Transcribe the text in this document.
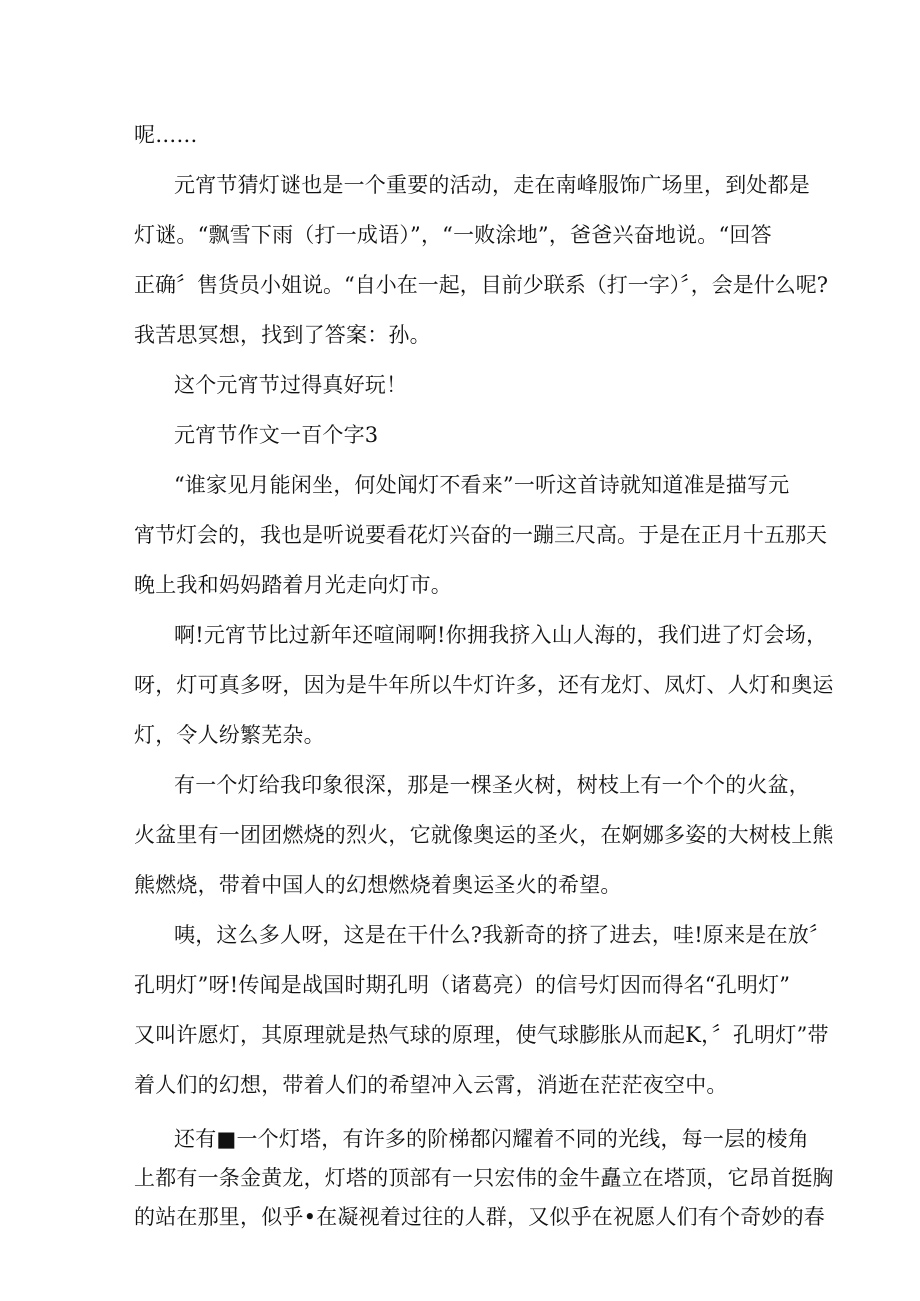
呢……
元宵节猜灯谜也是一个重要的活动，走在南峰服饰广场里，到处都是
灯谜。“飘雪下雨（打一成语）”，“一败涂地”，爸爸兴奋地说。“回答
正确〞售货员小姐说。“自小在一起，目前少联系（打一字）〞，会是什么呢?
我苦思冥想，找到了答案：孙。
这个元宵节过得真好玩！
元宵节作文一百个字3
“谁家见月能闲坐，何处闻灯不看来”一听这首诗就知道准是描写元
宵节灯会的，我也是听说要看花灯兴奋的一蹦三尺高。于是在正月十五那天
晚上我和妈妈踏着月光走向灯市。
啊!元宵节比过新年还喧闹啊!你拥我挤入山人海的，我们进了灯会场，
呀，灯可真多呀，因为是牛年所以牛灯许多，还有龙灯、凤灯、人灯和奥运
灯，令人纷繁芜杂。
有一个灯给我印象很深，那是一棵圣火树，树枝上有一个个的火盆，
火盆里有一团团燃烧的烈火，它就像奥运的圣火，在婀娜多姿的大树枝上熊
熊燃烧，带着中国人的幻想燃烧着奥运圣火的希望。
咦，这么多人呀，这是在干什么?我新奇的挤了进去，哇!原来是在放〞
孔明灯”呀!传闻是战国时期孔明（诸葛亮）的信号灯因而得名“孔明灯”
又叫许愿灯，其原理就是热气球的原理，使气球膨胀从而起K，〞孔明灯”带
着人们的幻想，带着人们的希望冲入云霄，消逝在茫茫夜空中。
还有■一个灯塔，有许多的阶梯都闪耀着不同的光线，每一层的棱角
上都有一条金黄龙，灯塔的顶部有一只宏伟的金牛矗立在塔顶，它昂首挺胸
的站在那里，似乎•在凝视着过往的人群，又似乎在祝愿人们有个奇妙的春
